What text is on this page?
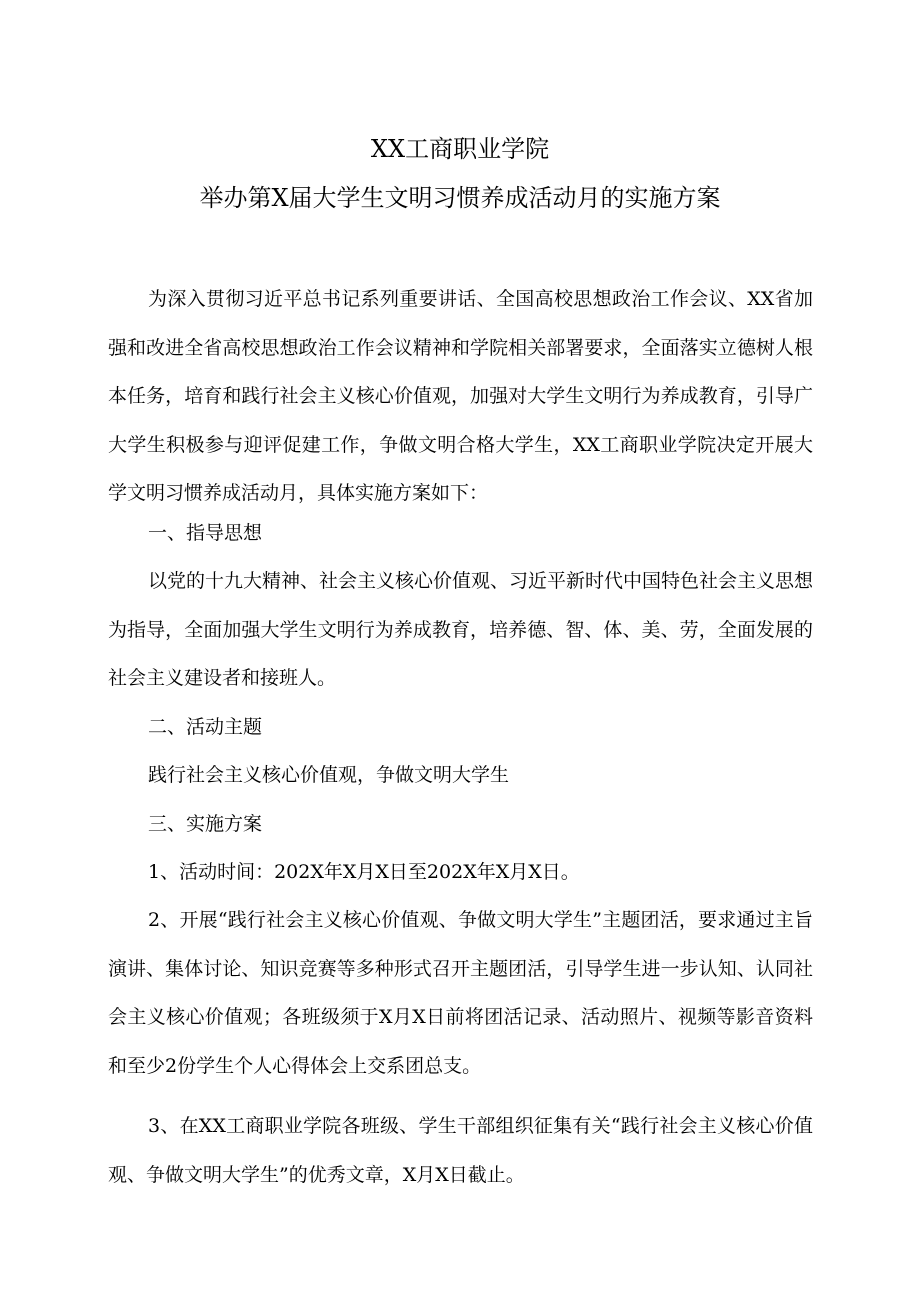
XX工商职业学院
举办第X届大学生文明习惯养成活动月的实施方案

为深入贯彻习近平总书记系列重要讲话、全国高校思想政治工作会议、XX省加强和改进全省高校思想政治工作会议精神和学院相关部署要求，全面落实立德树人根本任务，培育和践行社会主义核心价值观，加强对大学生文明行为养成教育，引导广大学生积极参与迎评促建工作，争做文明合格大学生，XX工商职业学院决定开展大学文明习惯养成活动月，具体实施方案如下：

一、指导思想

以党的十九大精神、社会主义核心价值观、习近平新时代中国特色社会主义思想为指导，全面加强大学生文明行为养成教育，培养德、智、体、美、劳，全面发展的社会主义建设者和接班人。

二、活动主题

践行社会主义核心价值观，争做文明大学生

三、实施方案

1、活动时间：202X年X月X日至202X年X月X日。

2、开展“践行社会主义核心价值观、争做文明大学生”主题团活，要求通过主旨演讲、集体讨论、知识竞赛等多种形式召开主题团活，引导学生进一步认知、认同社会主义核心价值观；各班级须于X月X日前将团活记录、活动照片、视频等影音资料和至少2份学生个人心得体会上交系团总支。

3、在XX工商职业学院各班级、学生干部组织征集有关“践行社会主义核心价值观、争做文明大学生”的优秀文章，X月X日截止。
